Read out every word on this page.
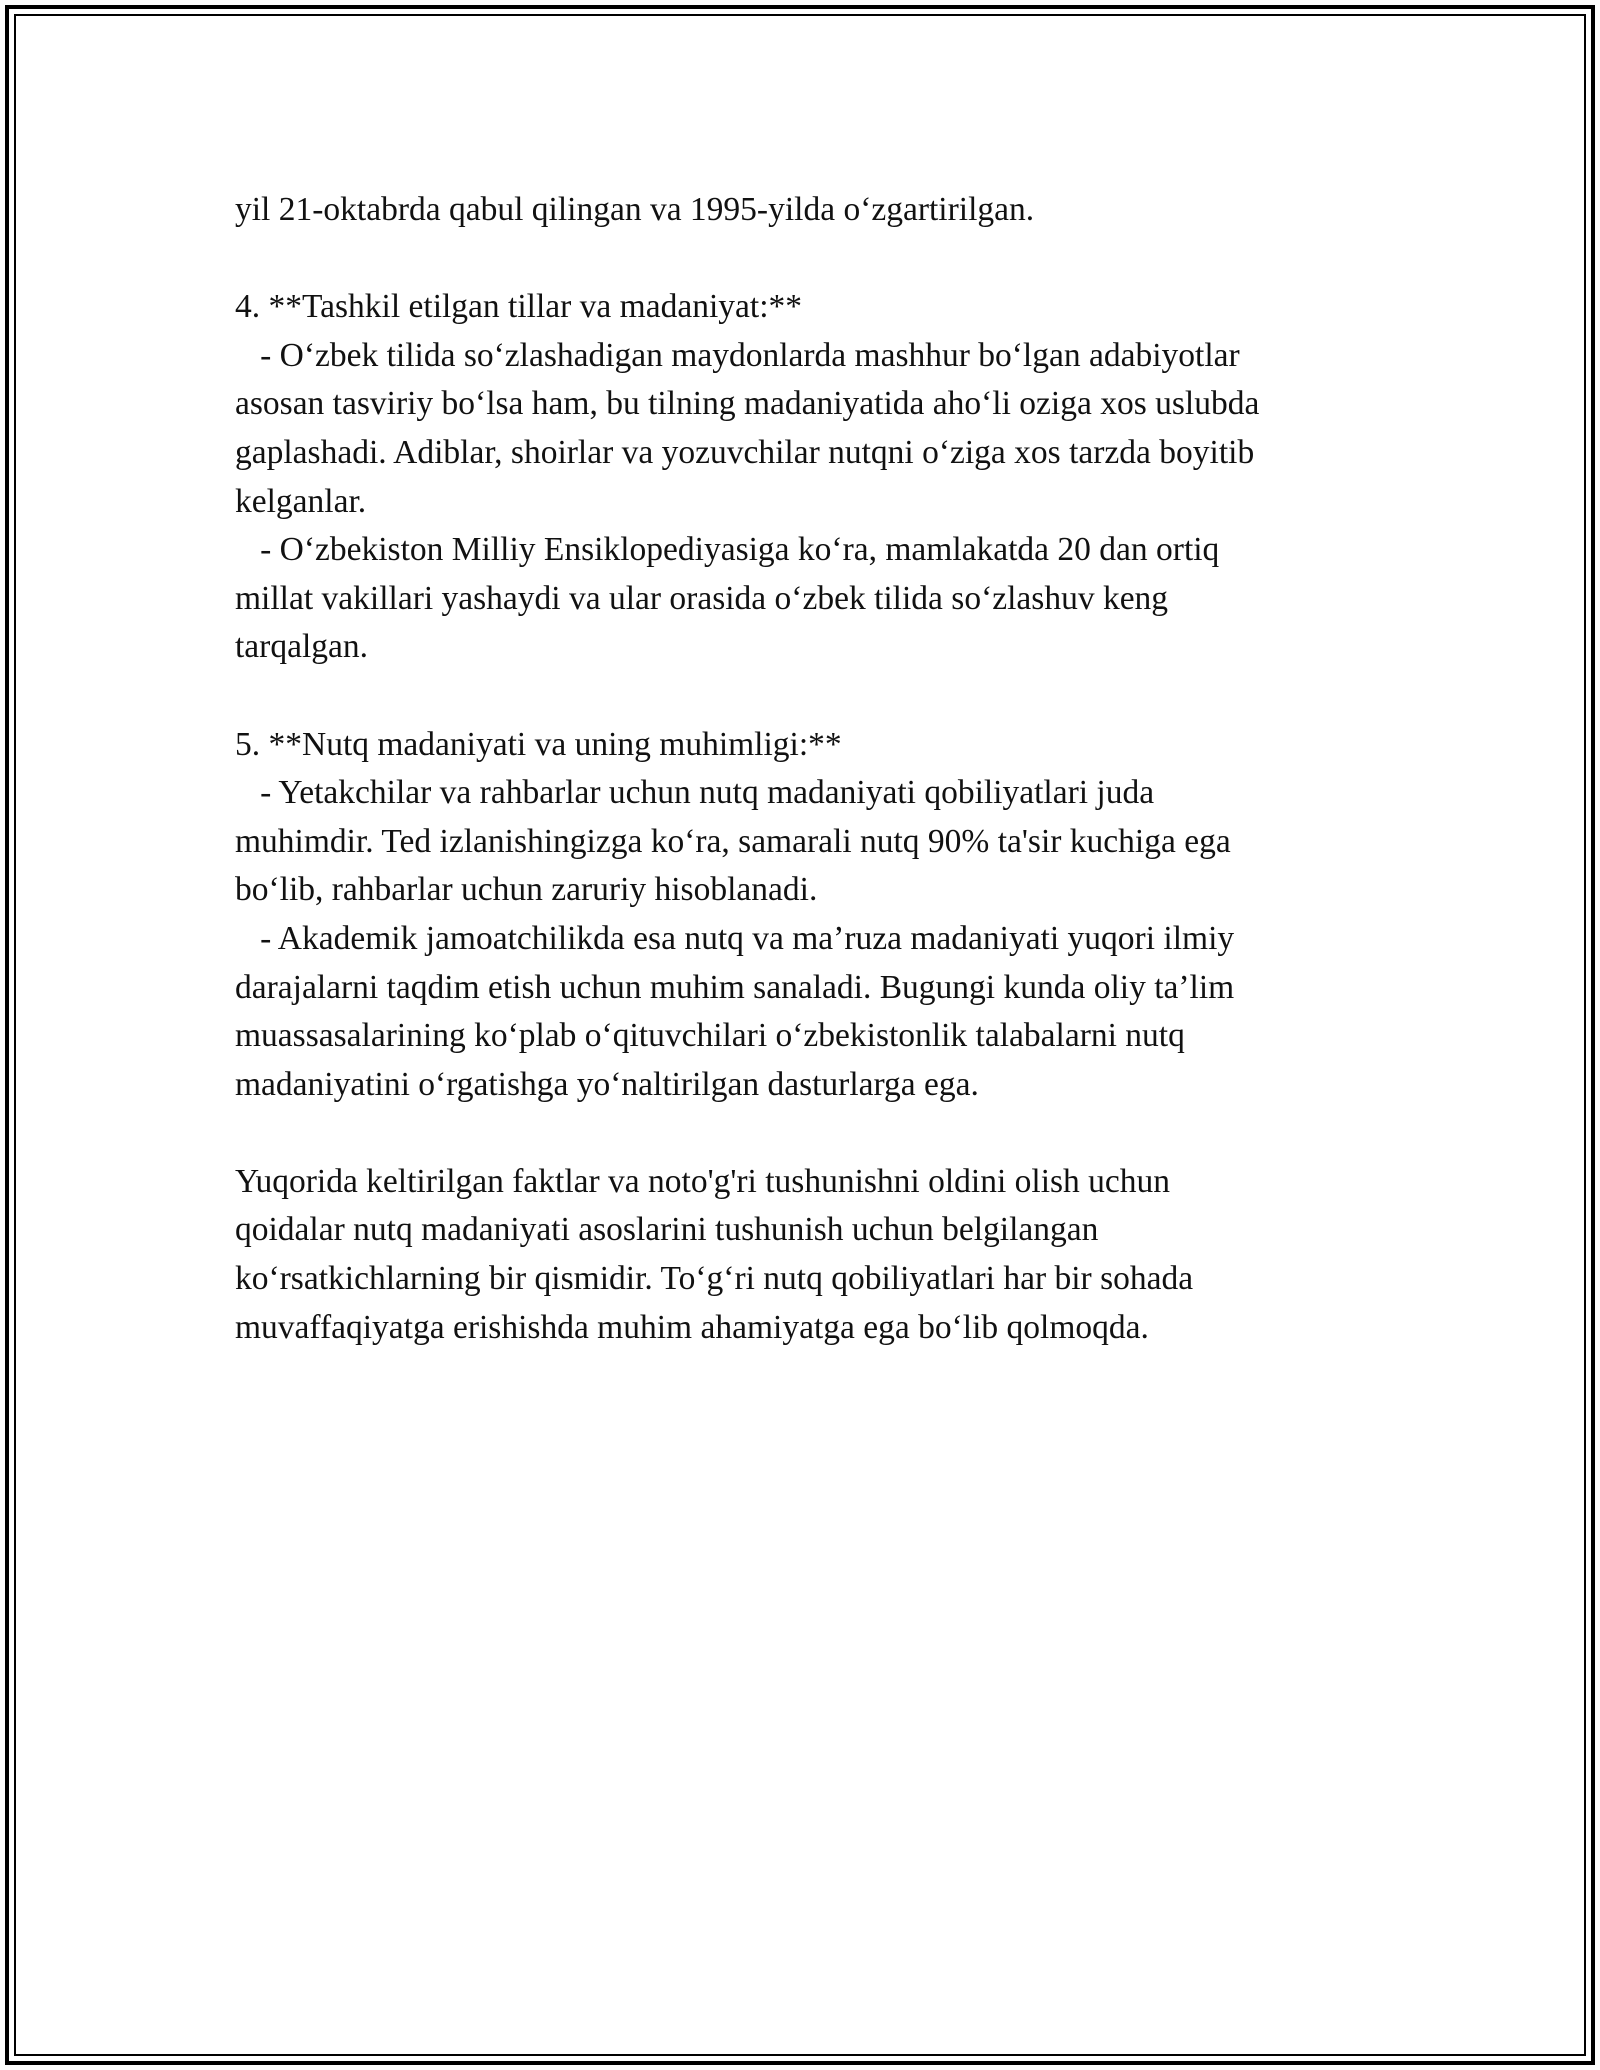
yil 21-oktabrda qabul qilingan va 1995-yilda o‘zgartirilgan.
4. **Tashkil etilgan tillar va madaniyat:**
- O‘zbek tilida so‘zlashadigan maydonlarda mashhur bo‘lgan adabiyotlar
asosan tasviriy bo‘lsa ham, bu tilning madaniyatida aho‘li oziga xos uslubda
gaplashadi. Adiblar, shoirlar va yozuvchilar nutqni o‘ziga xos tarzda boyitib
kelganlar.
- O‘zbekiston Milliy Ensiklopediyasiga ko‘ra, mamlakatda 20 dan ortiq
millat vakillari yashaydi va ular orasida o‘zbek tilida so‘zlashuv keng
tarqalgan.
5. **Nutq madaniyati va uning muhimligi:**
- Yetakchilar va rahbarlar uchun nutq madaniyati qobiliyatlari juda
muhimdir. Ted izlanishingizga ko‘ra, samarali nutq 90% ta'sir kuchiga ega
bo‘lib, rahbarlar uchun zaruriy hisoblanadi.
- Akademik jamoatchilikda esa nutq va ma’ruza madaniyati yuqori ilmiy
darajalarni taqdim etish uchun muhim sanaladi. Bugungi kunda oliy ta’lim
muassasalarining ko‘plab o‘qituvchilari o‘zbekistonlik talabalarni nutq
madaniyatini o‘rgatishga yo‘naltirilgan dasturlarga ega.
Yuqorida keltirilgan faktlar va noto'g'ri tushunishni oldini olish uchun
qoidalar nutq madaniyati asoslarini tushunish uchun belgilangan
ko‘rsatkichlarning bir qismidir. To‘g‘ri nutq qobiliyatlari har bir sohada
muvaffaqiyatga erishishda muhim ahamiyatga ega bo‘lib qolmoqda.
